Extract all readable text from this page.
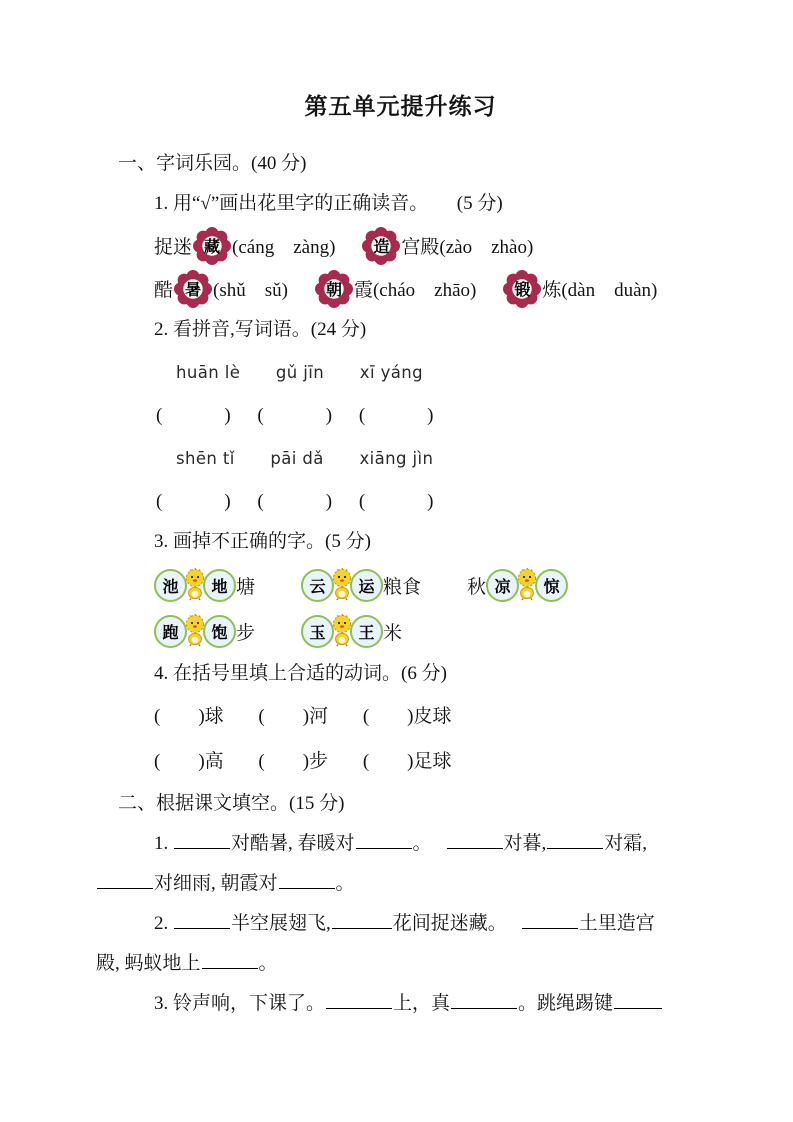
第五单元提升练习
一、字词乐园。(40 分)
1. 用“√”画出花里字的正确读音。　　(5 分)
捉迷 藏 (cáng　zàng)	造 宫殿(zào　zhào)
酷 暑 (shǔ　sǔ)	朝 霞(cháo　zhāo)	锻 炼(dàn　duàn)
2. 看拼音,写词语。(24 分)
huān lè gǔ jīn xī yáng
(	) (	) (	)
shēn tǐ pāi dǎ xiāng jìn
(	) (	) (	)
3. 画掉不正确的字。(5 分)
池	地 塘	云	运 粮食 秋 凉	惊
跑	饱 步	玉	王 米
4. 在括号里填上合适的动词。(6 分)
( )球 ( )河 ( )皮球
( )高 ( )步 ( )足球
二、根据课文填空。(15 分)
1.	对酷暑, 春暖对	。	对暮,	对霜,
对细雨, 朝霞对	。
2.	半空展翅飞,	花间捉迷藏。	土里造宫
殿, 蚂蚁地上	。
3. 铃声响，下课了。	上，真	。跳绳踢键
